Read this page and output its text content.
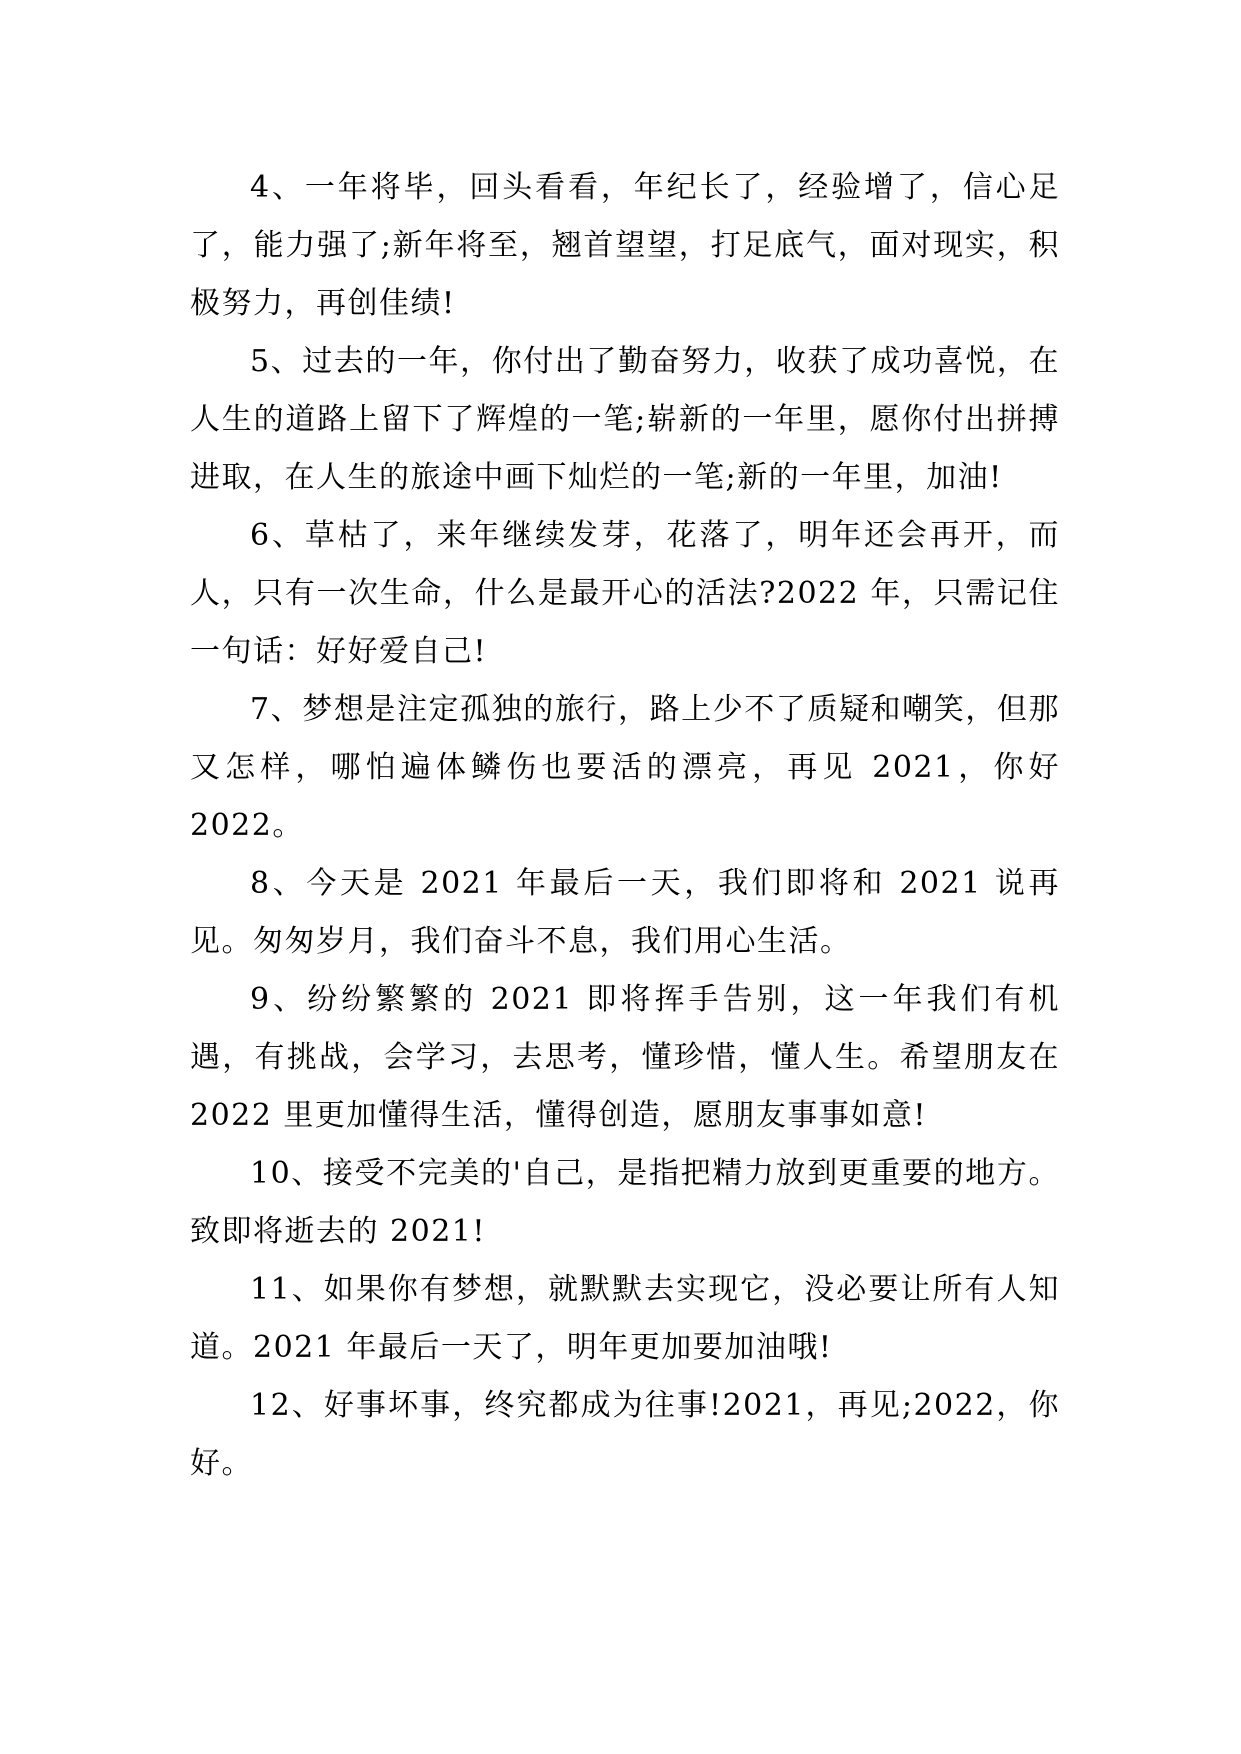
4、一年将毕，回头看看，年纪长了，经验增了，信心足了，能力强了;新年将至，翘首望望，打足底气，面对现实，积极努力，再创佳绩!

5、过去的一年，你付出了勤奋努力，收获了成功喜悦，在人生的道路上留下了辉煌的一笔;崭新的一年里，愿你付出拼搏进取，在人生的旅途中画下灿烂的一笔;新的一年里，加油!

6、草枯了，来年继续发芽，花落了，明年还会再开，而人，只有一次生命，什么是最开心的活法?2022 年，只需记住一句话：好好爱自己!

7、梦想是注定孤独的旅行，路上少不了质疑和嘲笑，但那又怎样，哪怕遍体鳞伤也要活的漂亮，再见 2021，你好 2022。

8、今天是 2021 年最后一天，我们即将和 2021 说再见。匆匆岁月，我们奋斗不息，我们用心生活。

9、纷纷繁繁的 2021 即将挥手告别，这一年我们有机遇，有挑战，会学习，去思考，懂珍惜，懂人生。希望朋友在 2022 里更加懂得生活，懂得创造，愿朋友事事如意!

10、接受不完美的'自己，是指把精力放到更重要的地方。致即将逝去的 2021!

11、如果你有梦想，就默默去实现它，没必要让所有人知道。2021 年最后一天了，明年更加要加油哦!

12、好事坏事，终究都成为往事!2021，再见;2022，你好。
